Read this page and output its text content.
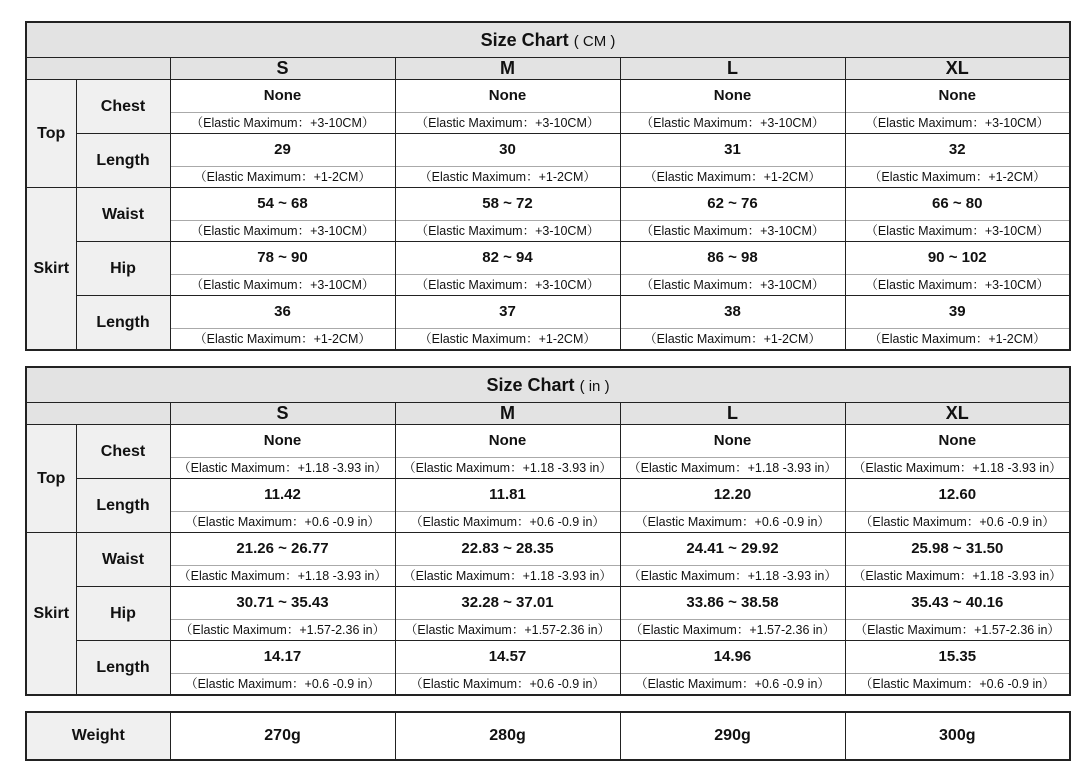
Size Chart ( CM )					
		S	M	L	XL
Top	Chest	None	None	None	None
		（Elastic Maximum：+3-10CM）	（Elastic Maximum：+3-10CM）	（Elastic Maximum：+3-10CM）	（Elastic Maximum：+3-10CM）
	Length	29	30	31	32
		（Elastic Maximum：+1-2CM）	（Elastic Maximum：+1-2CM）	（Elastic Maximum：+1-2CM）	（Elastic Maximum：+1-2CM）
Skirt	Waist	54 ~ 68	58 ~ 72	62 ~ 76	66 ~ 80
		（Elastic Maximum：+3-10CM）	（Elastic Maximum：+3-10CM）	（Elastic Maximum：+3-10CM）	（Elastic Maximum：+3-10CM）
	Hip	78 ~ 90	82 ~ 94	86 ~ 98	90 ~ 102
		（Elastic Maximum：+3-10CM）	（Elastic Maximum：+3-10CM）	（Elastic Maximum：+3-10CM）	（Elastic Maximum：+3-10CM）
	Length	36	37	38	39
		（Elastic Maximum：+1-2CM）	（Elastic Maximum：+1-2CM）	（Elastic Maximum：+1-2CM）	（Elastic Maximum：+1-2CM）
Size Chart ( in )					
		S	M	L	XL
Top	Chest	None	None	None	None
		（Elastic Maximum：+1.18 -3.93 in）	（Elastic Maximum：+1.18 -3.93 in）	（Elastic Maximum：+1.18 -3.93 in）	（Elastic Maximum：+1.18 -3.93 in）
	Length	11.42	11.81	12.20	12.60
		（Elastic Maximum：+0.6 -0.9 in）	（Elastic Maximum：+0.6 -0.9 in）	（Elastic Maximum：+0.6 -0.9 in）	（Elastic Maximum：+0.6 -0.9 in）
Skirt	Waist	21.26 ~ 26.77	22.83 ~ 28.35	24.41 ~ 29.92	25.98 ~ 31.50
		（Elastic Maximum：+1.18 -3.93 in）	（Elastic Maximum：+1.18 -3.93 in）	（Elastic Maximum：+1.18 -3.93 in）	（Elastic Maximum：+1.18 -3.93 in）
	Hip	30.71 ~ 35.43	32.28 ~ 37.01	33.86 ~ 38.58	35.43 ~ 40.16
		（Elastic Maximum：+1.57-2.36 in）	（Elastic Maximum：+1.57-2.36 in）	（Elastic Maximum：+1.57-2.36 in）	（Elastic Maximum：+1.57-2.36 in）
	Length	14.17	14.57	14.96	15.35
		（Elastic Maximum：+0.6 -0.9 in）	（Elastic Maximum：+0.6 -0.9 in）	（Elastic Maximum：+0.6 -0.9 in）	（Elastic Maximum：+0.6 -0.9 in）
Weight	270g	280g	290g	300g
